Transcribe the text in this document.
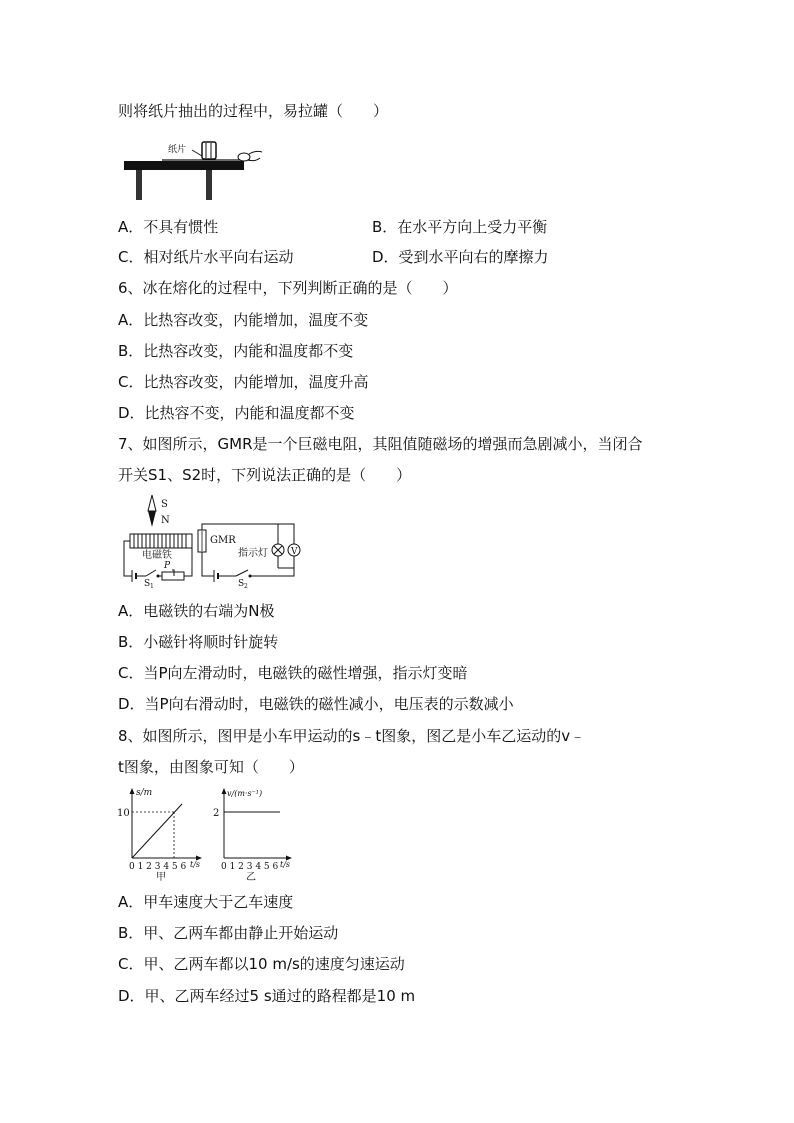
则将纸片抽出的过程中，易拉罐（　　）
纸片
A．不具有惯性	B．在水平方向上受力平衡
C．相对纸片水平向右运动	D．受到水平向右的摩擦力
6、冰在熔化的过程中，下列判断正确的是（　　）
A．比热容改变，内能增加，温度不变
B．比热容改变，内能和温度都不变
C．比热容改变，内能增加，温度升高
D．比热容不变，内能和温度都不变
7、如图所示，GMR是一个巨磁电阻，其阻值随磁场的增强而急剧减小，当闭合
开关S1、S2时，下列说法正确的是（　　）
S
N
电磁铁
S 1
P
GMR
指示灯	V
S 2
A．电磁铁的右端为N极
B．小磁针将顺时针旋转
C．当P向左滑动时，电磁铁的磁性增强，指示灯变暗
D．当P向右滑动时，电磁铁的磁性减小，电压表的示数减小
8、如图所示，图甲是小车甲运动的s﹣t图象，图乙是小车乙运动的v﹣
t图象，由图象可知（　　）
s/m
10
0 1 2 3 4 5 6 t/s
甲
v/(m·s⁻¹)
2
0 1 2 3 4 5 6 t/s
乙
A．甲车速度大于乙车速度
B．甲、乙两车都由静止开始运动
C．甲、乙两车都以10 m/s的速度匀速运动
D．甲、乙两车经过5 s通过的路程都是10 m
